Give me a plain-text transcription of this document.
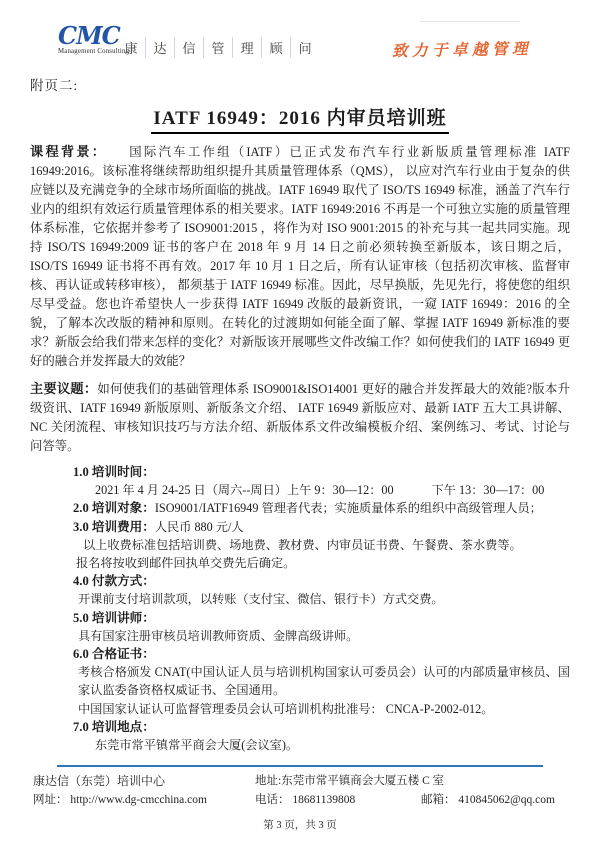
CMC
Management Consulting
康	达	信	管	理	顾	问	致力于卓越管理
附页二:
IATF 16949：2016 内审员培训班

课程背景： 国际汽车工作组（IATF）已正式发布汽车行业新版质量管理标准 IATF 16949:2016。该标准将继续帮助组织提升其质量管理体系（QMS）， 以应对汽车行业由于复杂的供应链以及充满竞争的全球市场所面临的挑战。IATF 16949 取代了 ISO/TS 16949 标准，涵盖了汽车行业内的组织有效运行质量管理体系的相关要求。IATF 16949:2016 不再是一个可独立实施的质量管理体系标准，它依据并参考了 ISO9001:2015 ，将作为对 ISO 9001:2015 的补充与其一起共同实施。现持 ISO/TS 16949:2009 证书的客户在 2018 年 9 月 14 日之前必须转换至新版本，该日期之后，ISO/TS 16949 证书将不再有效。2017 年 10 月 1 日之后，所有认证审核（包括初次审核、监督审核、再认证或转移审核）， 都须基于 IATF 16949 标准。因此，尽早换版，先见先行，将使您的组织尽早受益。您也许希望快人一步获得 IATF 16949 改版的最新资讯，一窥 IATF 16949：2016 的全貌，了解本次改版的精神和原则。在转化的过渡期如何能全面了解、掌握 IATF 16949 新标准的要求？新版会给我们带来怎样的变化？对新版该开展哪些文件改编工作？如何使我们的 IATF 16949 更好的融合并发挥最大的效能？

主要议题：如何使我们的基础管理体系 ISO9001&ISO14001 更好的融合并发挥最大的效能?版本升级资讯、IATF 16949 新版原则、新版条文介绍、 IATF 16949 新版应对、最新 IATF 五大工具讲解、NC 关闭流程、审核知识技巧与方法介绍、新版体系文件改编模板介绍、案例练习、考试、讨论与问答等。

1.0 培训时间：
2021 年 4 月 24-25 日（周六--周日）上午 9：30—12：00	下午 13：30—17：00
2.0 培训对象：ISO9001/IATF16949 管理者代表；实施质量体系的组织中高级管理人员；
3.0 培训费用：人民币 880 元/人
以上收费标准包括培训费、场地费、教材费、内审员证书费、午餐费、茶水费等。
报名将按收到邮件回执单交费先后确定。
4.0 付款方式：
开课前支付培训款项，以转账（支付宝、微信、银行卡）方式交费。
5.0 培训讲师：
具有国家注册审核员培训教师资质、金牌高级讲师。
6.0 合格证书：
考核合格颁发 CNAT(中国认证人员与培训机构国家认可委员会）认可的内部质量审核员、国家认监委备资格权威证书、全国通用。
中国国家认证认可监督管理委员会认可培训机构批准号： CNCA-P-2002-012。
7.0 培训地点：
东莞市常平镇常平商会大厦(会议室)。
康达信（东莞）培训中心	地址:东莞市常平镇商会大厦五楼 C 室
网址： http://www.dg-cmcchina.com	电话： 18681139808	邮箱： 410845062@qq.com
第 3 页，共 3 页
